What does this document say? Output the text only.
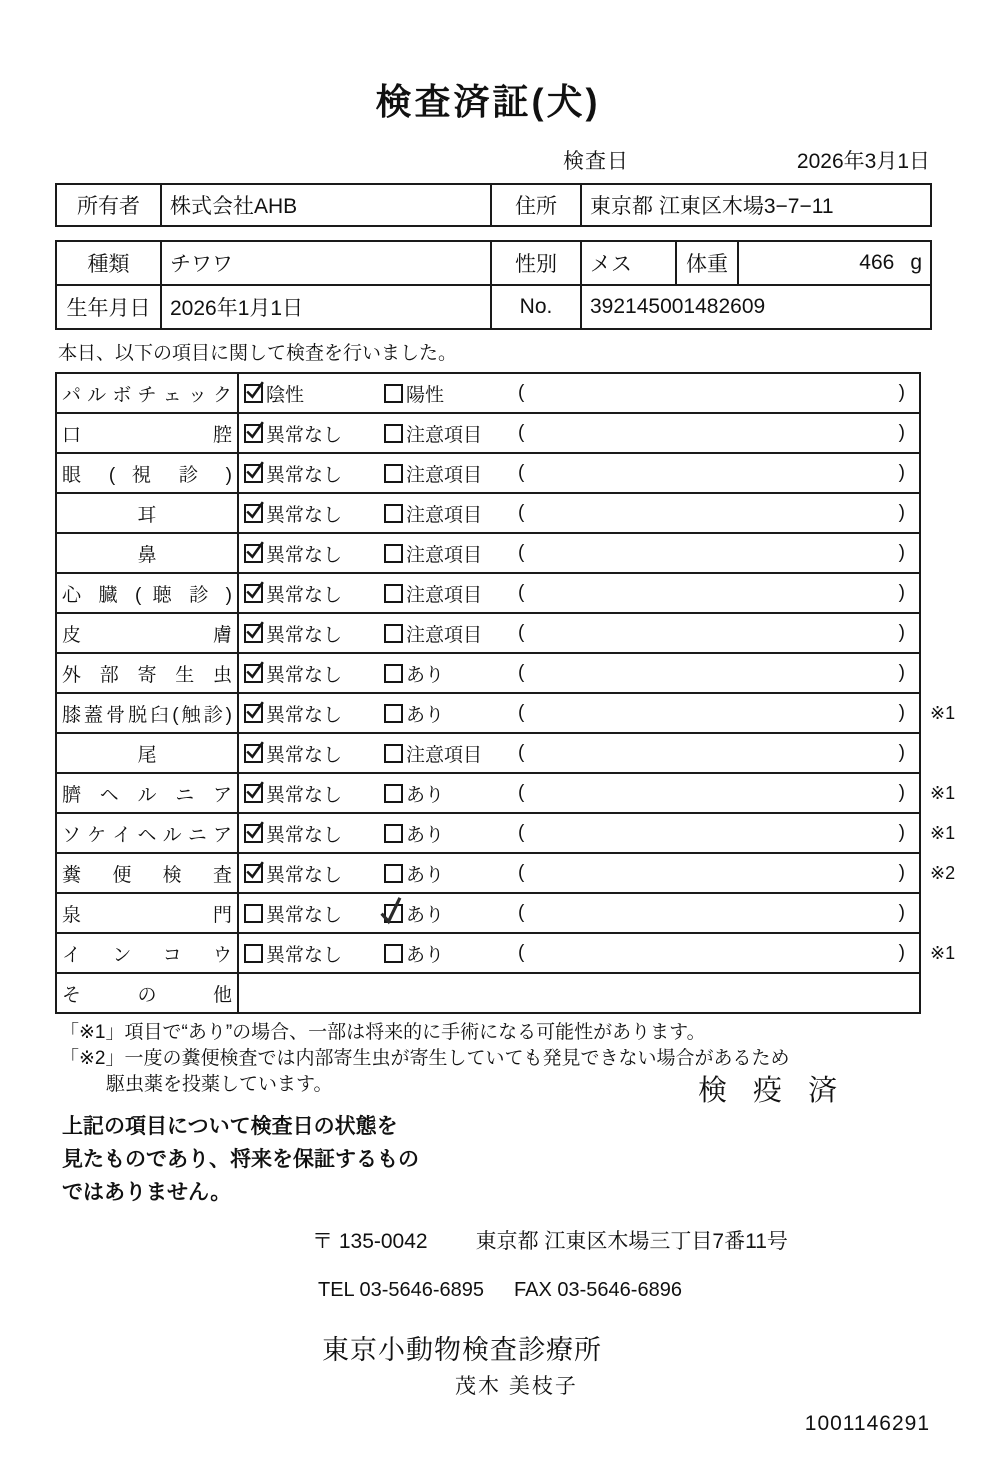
検査済証(犬)
検査日	2026年3月1日
所有者	株式会社AHB	住所	東京都 江東区木場3−7−11
種類	チワワ	性別	メス	体重	466 g
生年月日	2026年1月1日	No.	392145001482609		
本日、以下の項目に関して検査を行いました。
パ ル ボ チ ェ ッ ク	陰性 陽性 ( )	

口 腔	異常なし 注意項目 ( )	

眼 ( 視 診 )	異常なし 注意項目 ( )	

耳	異常なし 注意項目 ( )	

鼻	異常なし 注意項目 ( )	

心 臓 ( 聴 診 )	異常なし 注意項目 ( )	

皮 膚	異常なし 注意項目 ( )	

外 部 寄 生 虫	異常なし あり ( )	

膝蓋骨脱臼(触診)	異常なし あり ( )	※1
尾	異常なし 注意項目 ( )	

臍 ヘ ル ニ ア	異常なし あり ( )	※1
ソ ケ イ ヘ ル ニ ア	異常なし あり ( )	※1
糞 便 検 査	異常なし あり ( )	※2
泉 門	異常なし あり ( )	

イ ン コ ウ	異常なし あり ( )	※1
そ の 他	

「※1」項目で“あり”の場合、一部は将来的に手術になる可能性があります。
「※2」一度の糞便検査では内部寄生虫が寄生していても発見できない場合があるため
駆虫薬を投薬しています。
上記の項目について検査日の状態を
見たものであり、将来を保証するもの
ではありません。
検 疫 済
〒 135-0042 東京都 江東区木場三丁目7番11号
TEL 03-5646-6895 FAX 03-5646-6896
東京小動物検査診療所
茂木 美枝子
1001146291
